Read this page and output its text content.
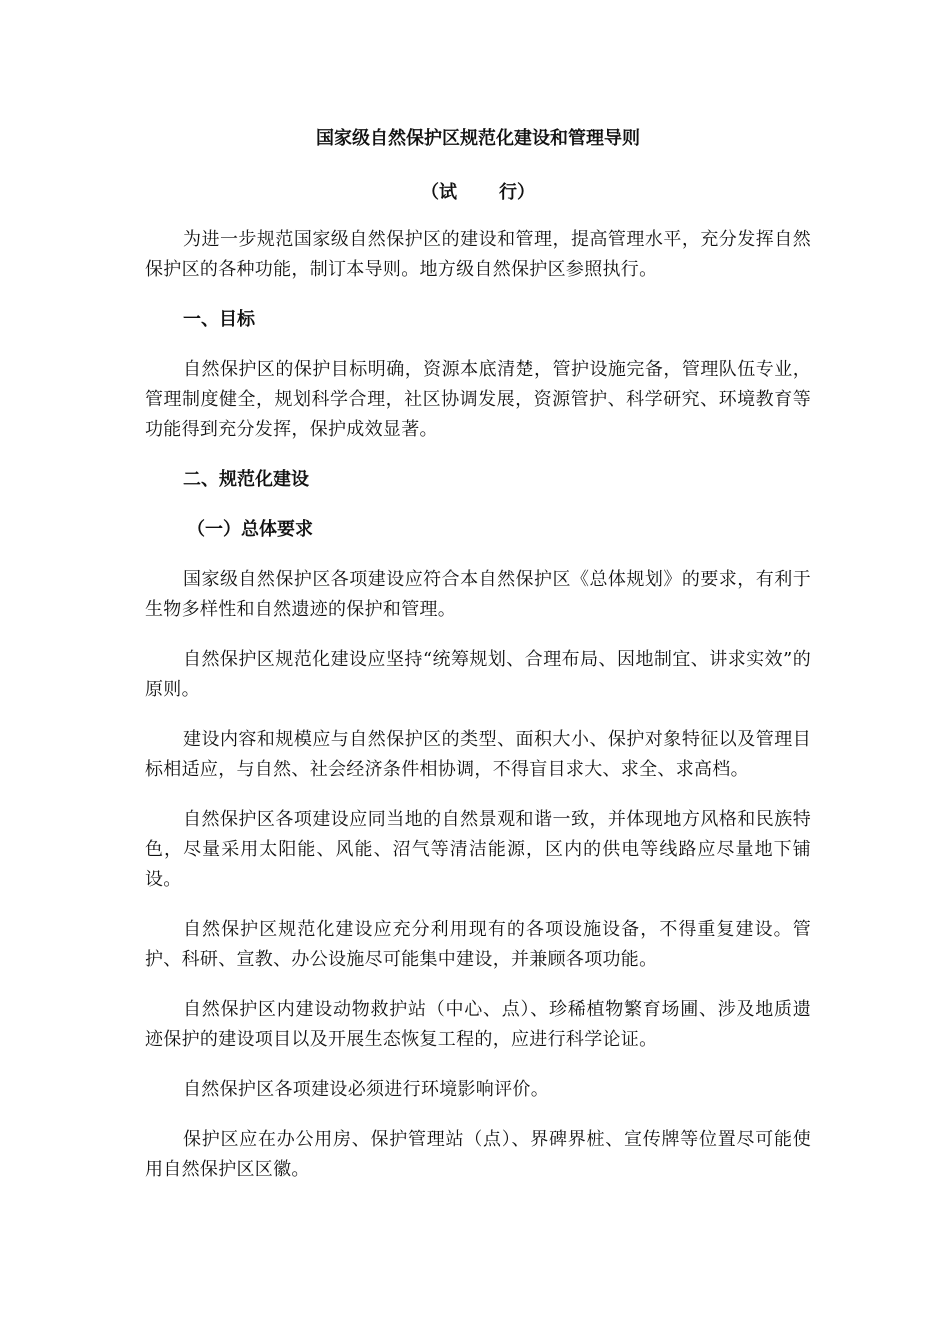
国家级自然保护区规范化建设和管理导则
（试 行）

为进一步规范国家级自然保护区的建设和管理，提高管理水平，充分发挥自然保护区的各种功能，制订本导则。地方级自然保护区参照执行。

一、目标

自然保护区的保护目标明确，资源本底清楚，管护设施完备，管理队伍专业，管理制度健全，规划科学合理，社区协调发展，资源管护、科学研究、环境教育等功能得到充分发挥，保护成效显著。

二、规范化建设
（一）总体要求

国家级自然保护区各项建设应符合本自然保护区《总体规划》的要求，有利于生物多样性和自然遗迹的保护和管理。

自然保护区规范化建设应坚持“统筹规划、合理布局、因地制宜、讲求实效”的原则。

建设内容和规模应与自然保护区的类型、面积大小、保护对象特征以及管理目标相适应，与自然、社会经济条件相协调，不得盲目求大、求全、求高档。

自然保护区各项建设应同当地的自然景观和谐一致，并体现地方风格和民族特色，尽量采用太阳能、风能、沼气等清洁能源，区内的供电等线路应尽量地下铺设。

自然保护区规范化建设应充分利用现有的各项设施设备，不得重复建设。管护、科研、宣教、办公设施尽可能集中建设，并兼顾各项功能。

自然保护区内建设动物救护站（中心、点）、珍稀植物繁育场圃、涉及地质遗迹保护的建设项目以及开展生态恢复工程的，应进行科学论证。

自然保护区各项建设必须进行环境影响评价。

保护区应在办公用房、保护管理站（点）、界碑界桩、宣传牌等位置尽可能使用自然保护区区徽。
